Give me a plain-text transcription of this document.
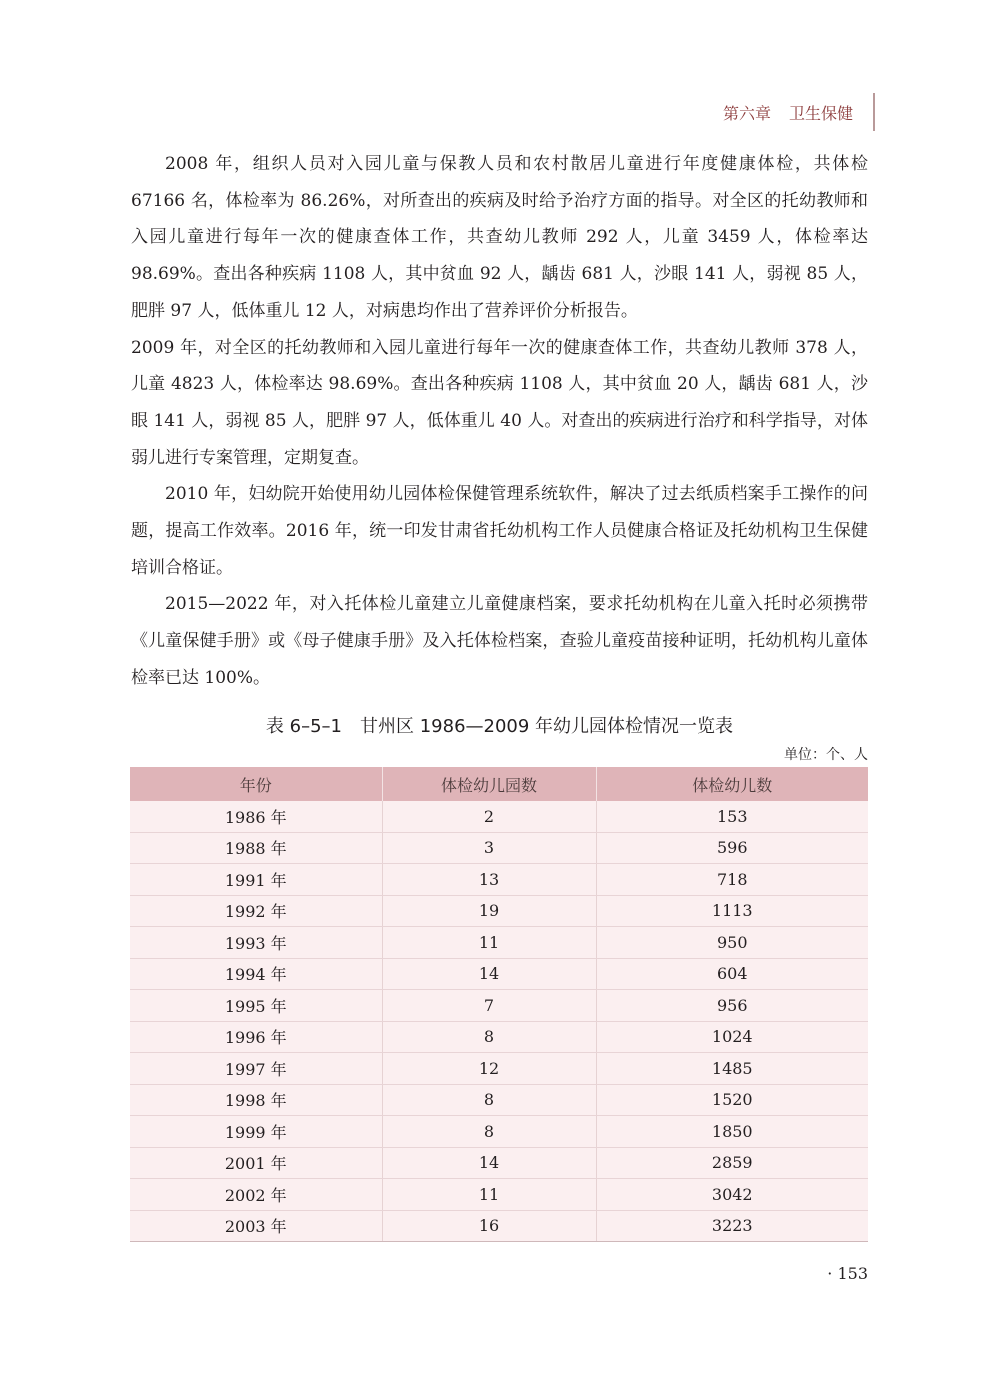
第六章 卫生保健

2008 年，组织人员对入园儿童与保教人员和农村散居儿童进行年度健康体检，共体检 67166 名，体检率为 86.26%，对所查出的疾病及时给予治疗方面的指导。对全区的托幼教师和入园儿童进行每年一次的健康查体工作，共查幼儿教师 292 人，儿童 3459 人，体检率达 98.69%。查出各种疾病 1108 人，其中贫血 92 人，龋齿 681 人，沙眼 141 人，弱视 85 人，肥胖 97 人，低体重儿 12 人，对病患均作出了营养评价分析报告。

2009 年，对全区的托幼教师和入园儿童进行每年一次的健康查体工作，共查幼儿教师 378 人，儿童 4823 人，体检率达 98.69%。查出各种疾病 1108 人，其中贫血 20 人，龋齿 681 人，沙眼 141 人，弱视 85 人，肥胖 97 人，低体重儿 40 人。对查出的疾病进行治疗和科学指导，对体弱儿进行专案管理，定期复查。

2010 年，妇幼院开始使用幼儿园体检保健管理系统软件，解决了过去纸质档案手工操作的问题，提高工作效率。2016 年，统一印发甘肃省托幼机构工作人员健康合格证及托幼机构卫生保健培训合格证。

2015—2022 年，对入托体检儿童建立儿童健康档案，要求托幼机构在儿童入托时必须携带《儿童保健手册》或《母子健康手册》及入托体检档案，查验儿童疫苗接种证明，托幼机构儿童体检率已达 100%。

表 6–5–1　甘州区 1986—2009 年幼儿园体检情况一览表
单位：个、人
年份	体检幼儿园数	体检幼儿数
1986 年	2	153
1988 年	3	596
1991 年	13	718
1992 年	19	1113
1993 年	11	950
1994 年	14	604
1995 年	7	956
1996 年	8	1024
1997 年	12	1485
1998 年	8	1520
1999 年	8	1850
2001 年	14	2859
2002 年	11	3042
2003 年	16	3223
· 153
